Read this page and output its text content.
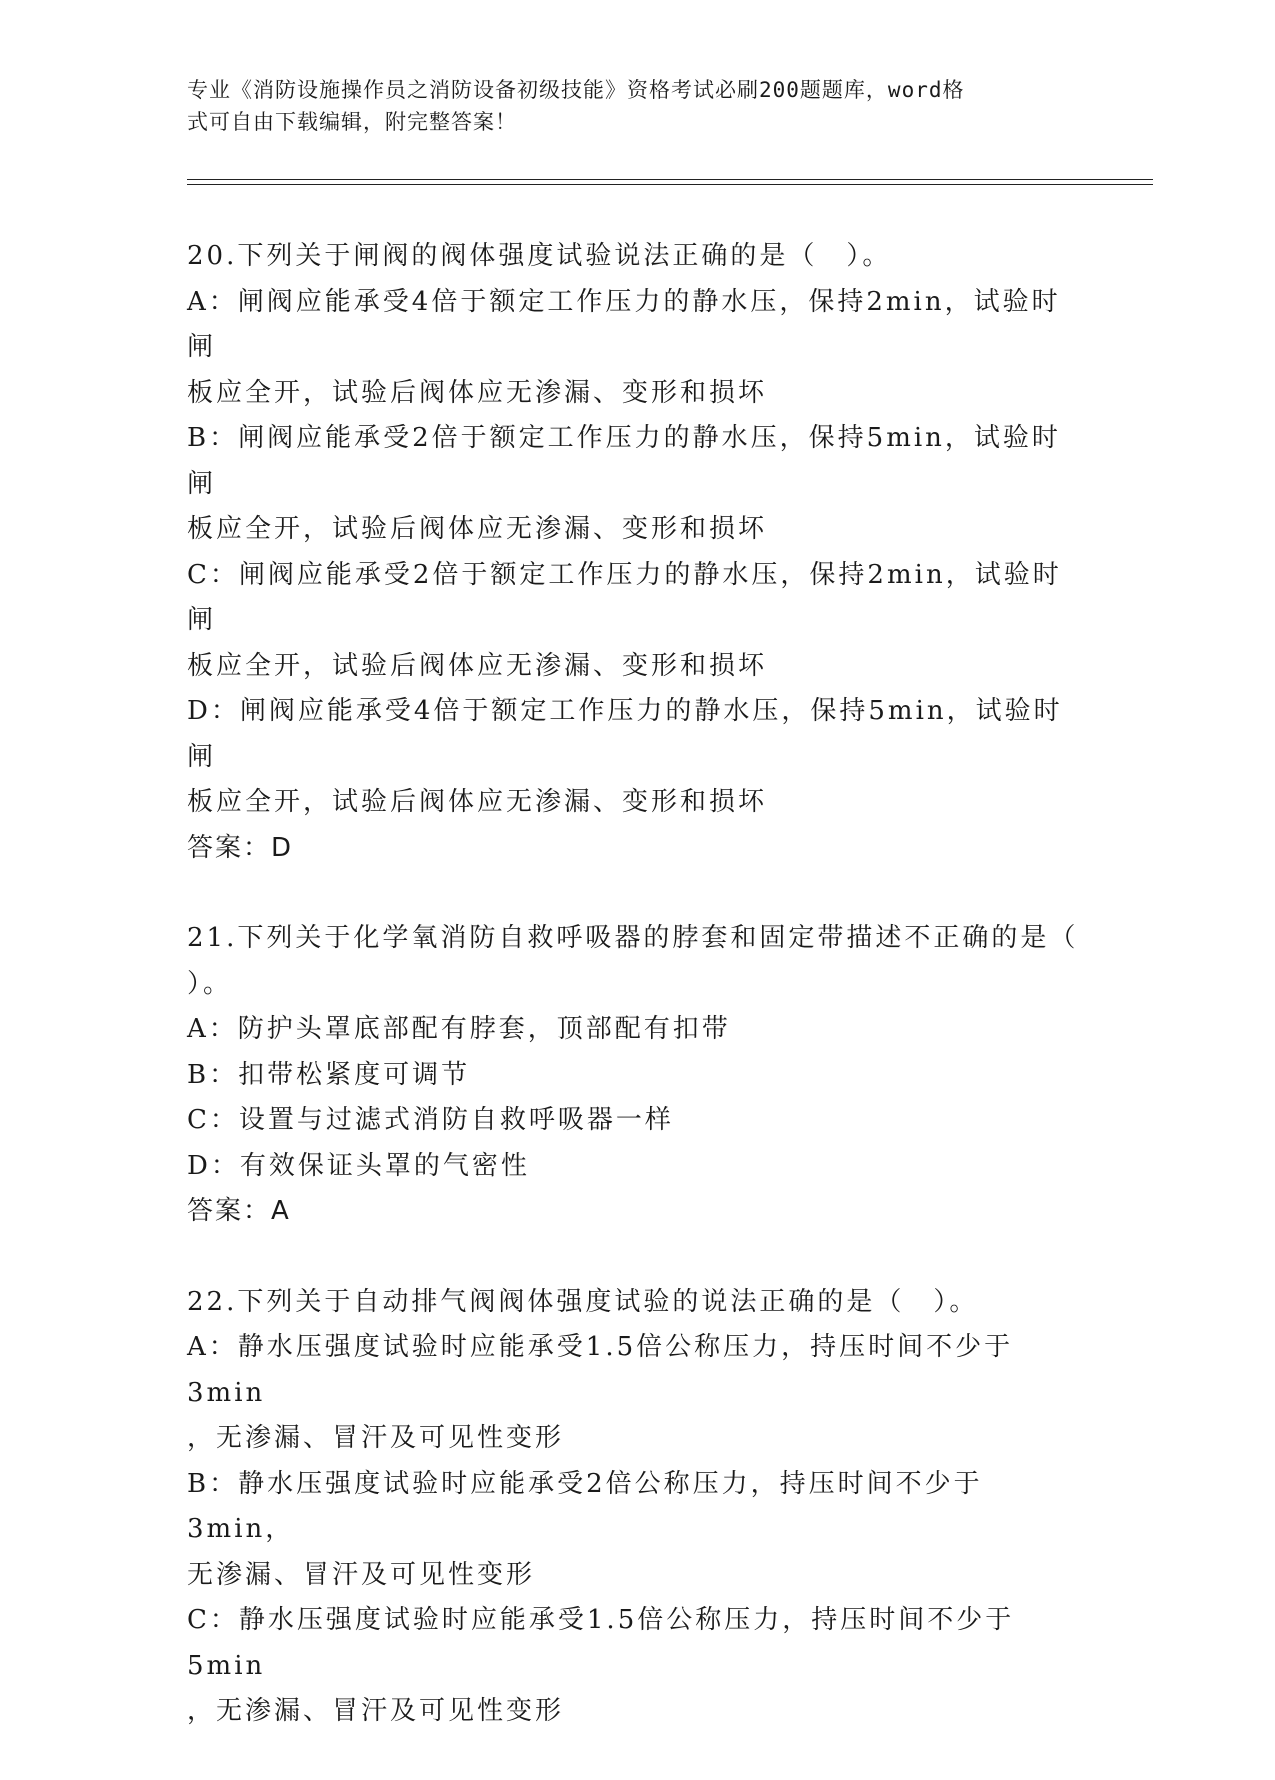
专业《消防设施操作员之消防设备初级技能》资格考试必刷200题题库，word格
式可自由下载编辑，附完整答案！
20.下列关于闸阀的阀体强度试验说法正确的是（　）。
A：闸阀应能承受4倍于额定工作压力的静水压，保持2min，试验时闸
板应全开，试验后阀体应无渗漏、变形和损坏
B：闸阀应能承受2倍于额定工作压力的静水压，保持5min，试验时闸
板应全开，试验后阀体应无渗漏、变形和损坏
C：闸阀应能承受2倍于额定工作压力的静水压，保持2min，试验时闸
板应全开，试验后阀体应无渗漏、变形和损坏
D：闸阀应能承受4倍于额定工作压力的静水压，保持5min，试验时闸
板应全开，试验后阀体应无渗漏、变形和损坏
答案：D
21.下列关于化学氧消防自救呼吸器的脖套和固定带描述不正确的是（
）。
A：防护头罩底部配有脖套，顶部配有扣带
B：扣带松紧度可调节
C：设置与过滤式消防自救呼吸器一样
D：有效保证头罩的气密性
答案：A
22.下列关于自动排气阀阀体强度试验的说法正确的是（　）。
A：静水压强度试验时应能承受1.5倍公称压力，持压时间不少于3min
，无渗漏、冒汗及可见性变形
B：静水压强度试验时应能承受2倍公称压力，持压时间不少于3min，
无渗漏、冒汗及可见性变形
C：静水压强度试验时应能承受1.5倍公称压力，持压时间不少于5min
，无渗漏、冒汗及可见性变形
